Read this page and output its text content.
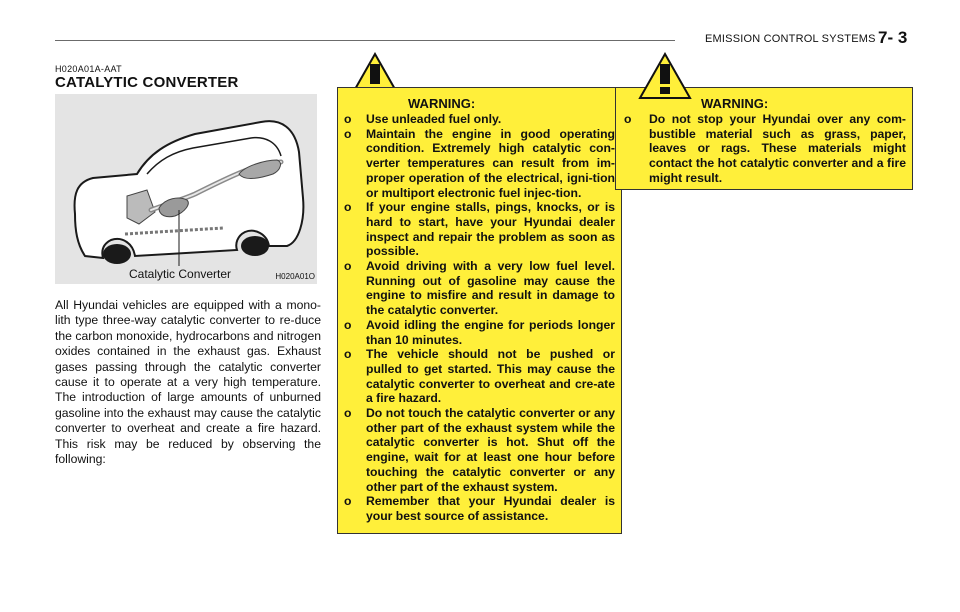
EMISSION CONTROL SYSTEMS 7- 3
H020A01A-AAT
CATALYTIC CONVERTER
Catalytic Converter	H020A01O
All Hyundai vehicles are equipped with a mono-lith type three-way catalytic converter to re-duce the carbon monoxide, hydrocarbons and nitrogen oxides contained in the exhaust gas. Exhaust gases passing through the catalytic converter cause it to operate at a very high temperature. The introduction of large amounts of unburned gasoline into the exhaust may cause the catalytic converter to overheat and create a fire hazard. This risk may be reduced by observing the following:
WARNING:
o Use unleaded fuel only.
o Maintain the engine in good operating condition. Extremely high catalytic con-verter temperatures can result from im-proper operation of the electrical, igni-tion or multiport electronic fuel injec-tion.
o If your engine stalls, pings, knocks, or is hard to start, have your Hyundai dealer inspect and repair the problem as soon as possible.
o Avoid driving with a very low fuel level. Running out of gasoline may cause the engine to misfire and result in damage to the catalytic converter.
o Avoid idling the engine for periods longer than 10 minutes.
o The vehicle should not be pushed or pulled to get started. This may cause the catalytic converter to overheat and cre-ate a fire hazard.
o Do not touch the catalytic converter or any other part of the exhaust system while the catalytic converter is hot. Shut off the engine, wait for at least one hour before touching the catalytic converter or any other part of the exhaust system.
o Remember that your Hyundai dealer is your best source of assistance.
WARNING:
o Do not stop your Hyundai over any com-bustible material such as grass, paper, leaves or rags. These materials might contact the hot catalytic converter and a fire might result.
